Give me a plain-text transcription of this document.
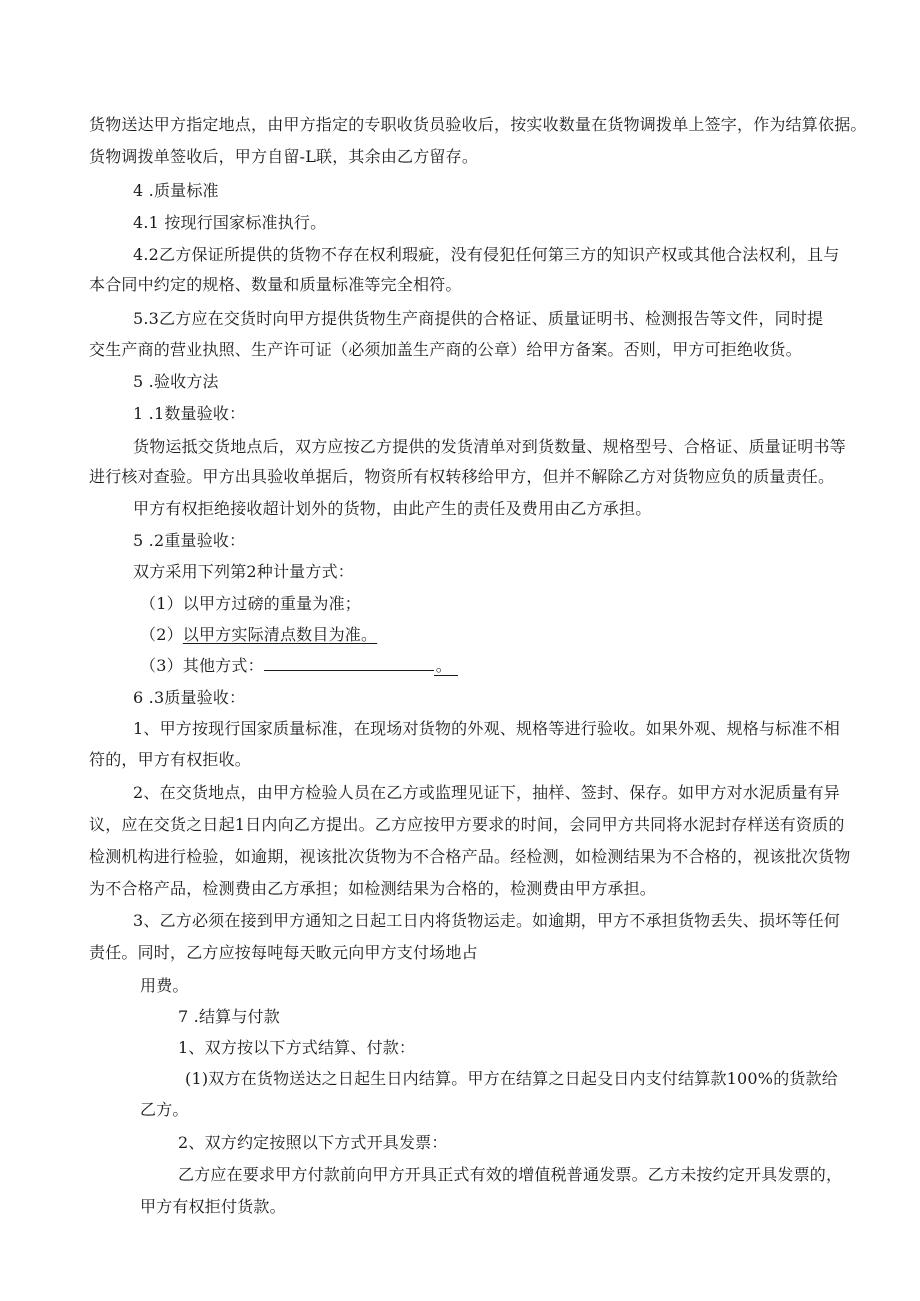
货物送达甲方指定地点，由甲方指定的专职收货员验收后，按实收数量在货物调拨单上签字，作为结算依据。
货物调拨单签收后，甲方自留-L联，其余由乙方留存。
4 .质量标准
4.1 按现行国家标准执行。
4.2乙方保证所提供的货物不存在权利瑕疵，没有侵犯任何第三方的知识产权或其他合法权利，且与
本合同中约定的规格、数量和质量标准等完全相符。
5.3乙方应在交货时向甲方提供货物生产商提供的合格证、质量证明书、检测报告等文件，同时提
交生产商的营业执照、生产许可证（必须加盖生产商的公章）给甲方备案。否则，甲方可拒绝收货。
5 .验收方法
1 .1数量验收：
货物运抵交货地点后，双方应按乙方提供的发货清单对到货数量、规格型号、合格证、质量证明书等
进行核对查验。甲方出具验收单据后，物资所有权转移给甲方，但并不解除乙方对货物应负的质量责任。
甲方有权拒绝接收超计划外的货物，由此产生的责任及费用由乙方承担。
5 .2重量验收：
双方采用下列第2种计量方式：
（1）以甲方过磅的重量为准；
（2）以甲方实际清点数目为准。
（3）其他方式：	。
6 .3质量验收：
1、甲方按现行国家质量标准，在现场对货物的外观、规格等进行验收。如果外观、规格与标准不相
符的，甲方有权拒收。
2、在交货地点，由甲方检验人员在乙方或监理见证下，抽样、签封、保存。如甲方对水泥质量有异
议，应在交货之日起1日内向乙方提出。乙方应按甲方要求的时间，会同甲方共同将水泥封存样送有资质的
检测机构进行检验，如逾期，视该批次货物为不合格产品。经检测，如检测结果为不合格的，视该批次货物
为不合格产品，检测费由乙方承担；如检测结果为合格的，检测费由甲方承担。
3、乙方必须在接到甲方通知之日起工日内将货物运走。如逾期，甲方不承担货物丢失、损坏等任何
责任。同时，乙方应按每吨每天畋元向甲方支付场地占
用费。
7 .结算与付款
1、双方按以下方式结算、付款：
(1)双方在货物送达之日起生日内结算。甲方在结算之日起殳日内支付结算款100%的货款给
乙方。
2、双方约定按照以下方式开具发票：
乙方应在要求甲方付款前向甲方开具正式有效的增值税普通发票。乙方未按约定开具发票的，
甲方有权拒付货款。
